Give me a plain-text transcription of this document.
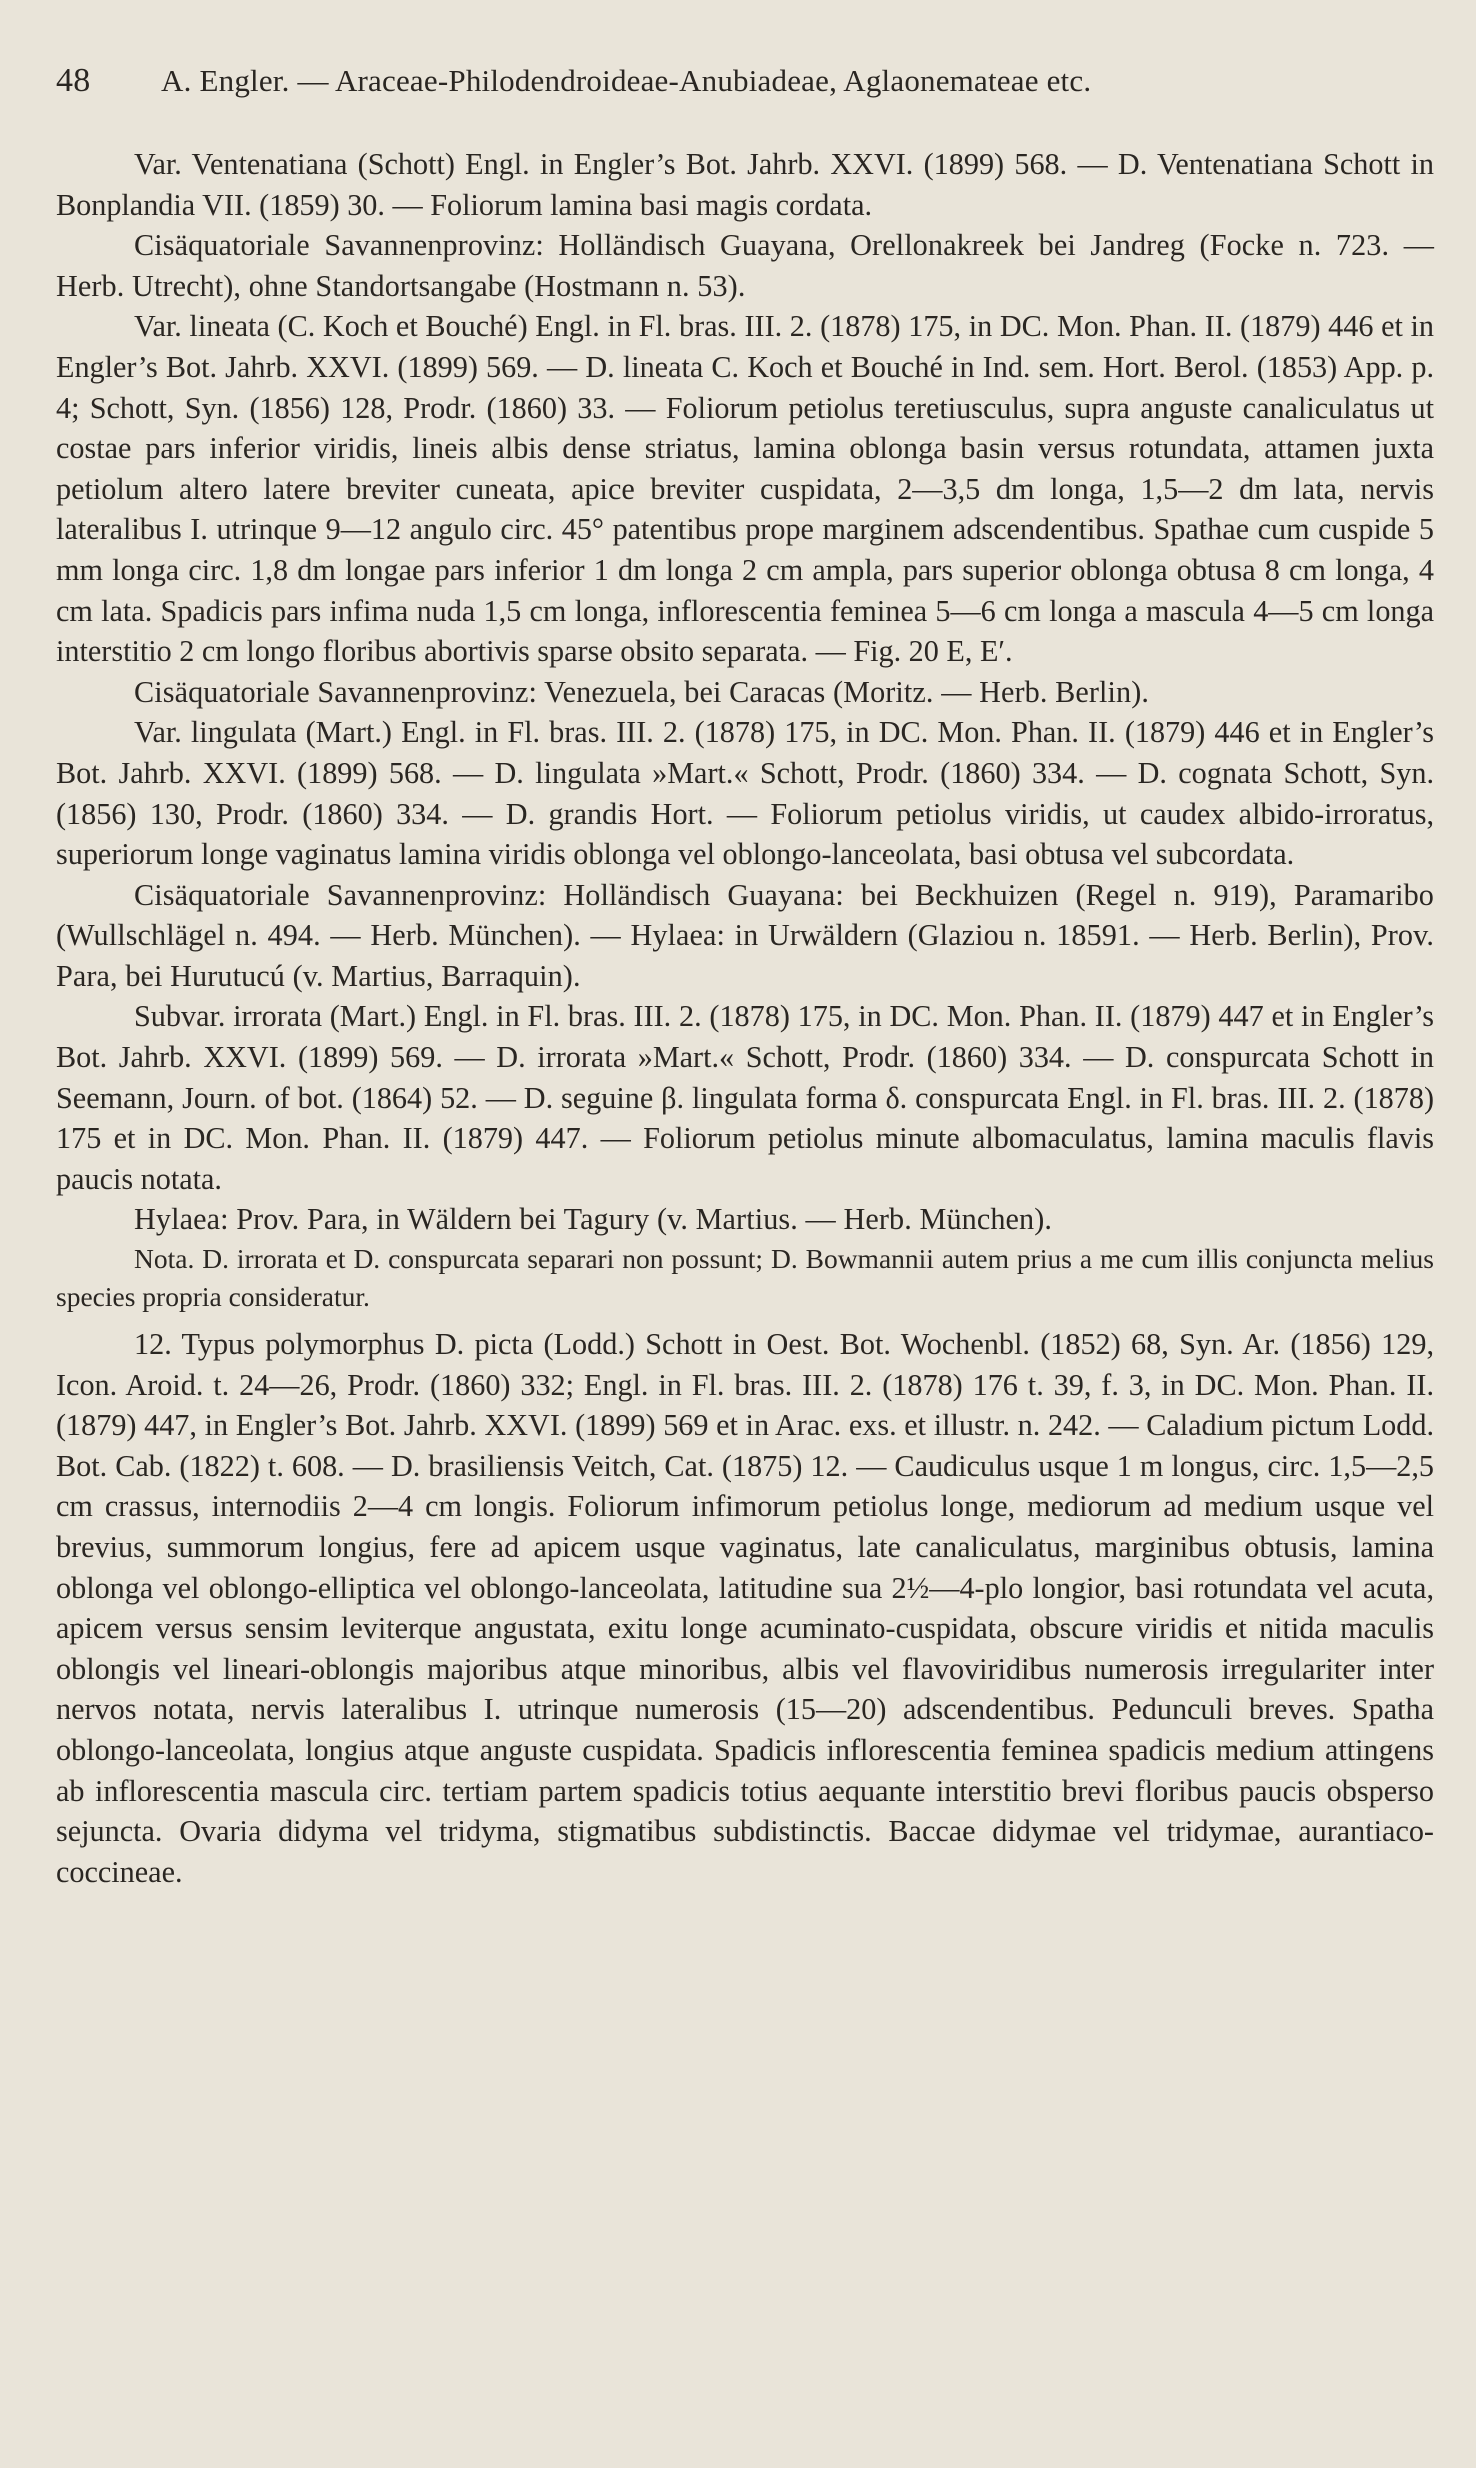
48	A. Engler. — Araceae-Philodendroideae-Anubiadeae, Aglaonemateae etc.

Var. Ventenatiana (Schott) Engl. in Engler’s Bot. Jahrb. XXVI. (1899) 568. — D. Ventenatiana Schott in Bonplandia VII. (1859) 30. — Foliorum lamina basi magis cordata.

Cisäquatoriale Savannenprovinz: Holländisch Guayana, Orellonakreek bei Jandreg (Focke n. 723. — Herb. Utrecht), ohne Standortsangabe (Hostmann n. 53).

Var. lineata (C. Koch et Bouché) Engl. in Fl. bras. III. 2. (1878) 175, in DC. Mon. Phan. II. (1879) 446 et in Engler’s Bot. Jahrb. XXVI. (1899) 569. — D. lineata C. Koch et Bouché in Ind. sem. Hort. Berol. (1853) App. p. 4; Schott, Syn. (1856) 128, Prodr. (1860) 33. — Foliorum petiolus teretiusculus, supra anguste canaliculatus ut costae pars inferior viridis, lineis albis dense striatus, lamina oblonga basin versus rotundata, attamen juxta petiolum altero latere breviter cuneata, apice breviter cuspidata, 2—3,5 dm longa, 1,5—2 dm lata, nervis lateralibus I. utrinque 9—12 angulo circ. 45° patentibus prope marginem adscendentibus. Spathae cum cuspide 5 mm longa circ. 1,8 dm longae pars inferior 1 dm longa 2 cm ampla, pars superior oblonga obtusa 8 cm longa, 4 cm lata. Spadicis pars infima nuda 1,5 cm longa, inflorescentia feminea 5—6 cm longa a mascula 4—5 cm longa interstitio 2 cm longo floribus abortivis sparse obsito separata. — Fig. 20 E, E′.

Cisäquatoriale Savannenprovinz: Venezuela, bei Caracas (Moritz. — Herb. Berlin).

Var. lingulata (Mart.) Engl. in Fl. bras. III. 2. (1878) 175, in DC. Mon. Phan. II. (1879) 446 et in Engler’s Bot. Jahrb. XXVI. (1899) 568. — D. lingulata »Mart.« Schott, Prodr. (1860) 334. — D. cognata Schott, Syn. (1856) 130, Prodr. (1860) 334. — D. grandis Hort. — Foliorum petiolus viridis, ut caudex albido-irroratus, superiorum longe vaginatus lamina viridis oblonga vel oblongo-lanceolata, basi obtusa vel subcordata.

Cisäquatoriale Savannenprovinz: Holländisch Guayana: bei Beckhuizen (Regel n. 919), Paramaribo (Wullschlägel n. 494. — Herb. München). — Hylaea: in Urwäldern (Glaziou n. 18591. — Herb. Berlin), Prov. Para, bei Hurutucú (v. Martius, Barraquin).

Subvar. irrorata (Mart.) Engl. in Fl. bras. III. 2. (1878) 175, in DC. Mon. Phan. II. (1879) 447 et in Engler’s Bot. Jahrb. XXVI. (1899) 569. — D. irrorata »Mart.« Schott, Prodr. (1860) 334. — D. conspurcata Schott in Seemann, Journ. of bot. (1864) 52. — D. seguine β. lingulata forma δ. conspurcata Engl. in Fl. bras. III. 2. (1878) 175 et in DC. Mon. Phan. II. (1879) 447. — Foliorum petiolus minute albomaculatus, lamina maculis flavis paucis notata.

Hylaea: Prov. Para, in Wäldern bei Tagury (v. Martius. — Herb. München).

Nota. D. irrorata et D. conspurcata separari non possunt; D. Bowmannii autem prius a me cum illis conjuncta melius species propria consideratur.

12. Typus polymorphus D. picta (Lodd.) Schott in Oest. Bot. Wochenbl. (1852) 68, Syn. Ar. (1856) 129, Icon. Aroid. t. 24—26, Prodr. (1860) 332; Engl. in Fl. bras. III. 2. (1878) 176 t. 39, f. 3, in DC. Mon. Phan. II. (1879) 447, in Engler’s Bot. Jahrb. XXVI. (1899) 569 et in Arac. exs. et illustr. n. 242. — Caladium pictum Lodd. Bot. Cab. (1822) t. 608. — D. brasiliensis Veitch, Cat. (1875) 12. — Caudiculus usque 1 m longus, circ. 1,5—2,5 cm crassus, internodiis 2—4 cm longis. Foliorum infimorum petiolus longe, mediorum ad medium usque vel brevius, summorum longius, fere ad apicem usque vaginatus, late canaliculatus, marginibus obtusis, lamina oblonga vel oblongo-elliptica vel oblongo-lanceolata, latitudine sua 2½—4-plo longior, basi rotundata vel acuta, apicem versus sensim leviterque angustata, exitu longe acuminato-cuspidata, obscure viridis et nitida maculis oblongis vel lineari-oblongis majoribus atque minoribus, albis vel flavoviridibus numerosis irregulariter inter nervos notata, nervis lateralibus I. utrinque numerosis (15—20) adscendentibus. Pedunculi breves. Spatha oblongo-lanceolata, longius atque anguste cuspidata. Spadicis inflorescentia feminea spadicis medium attingens ab inflorescentia mascula circ. tertiam partem spadicis totius aequante interstitio brevi floribus paucis obsperso sejuncta. Ovaria didyma vel tridyma, stigmatibus subdistinctis. Baccae didymae vel tridymae, aurantiaco-coccineae.
